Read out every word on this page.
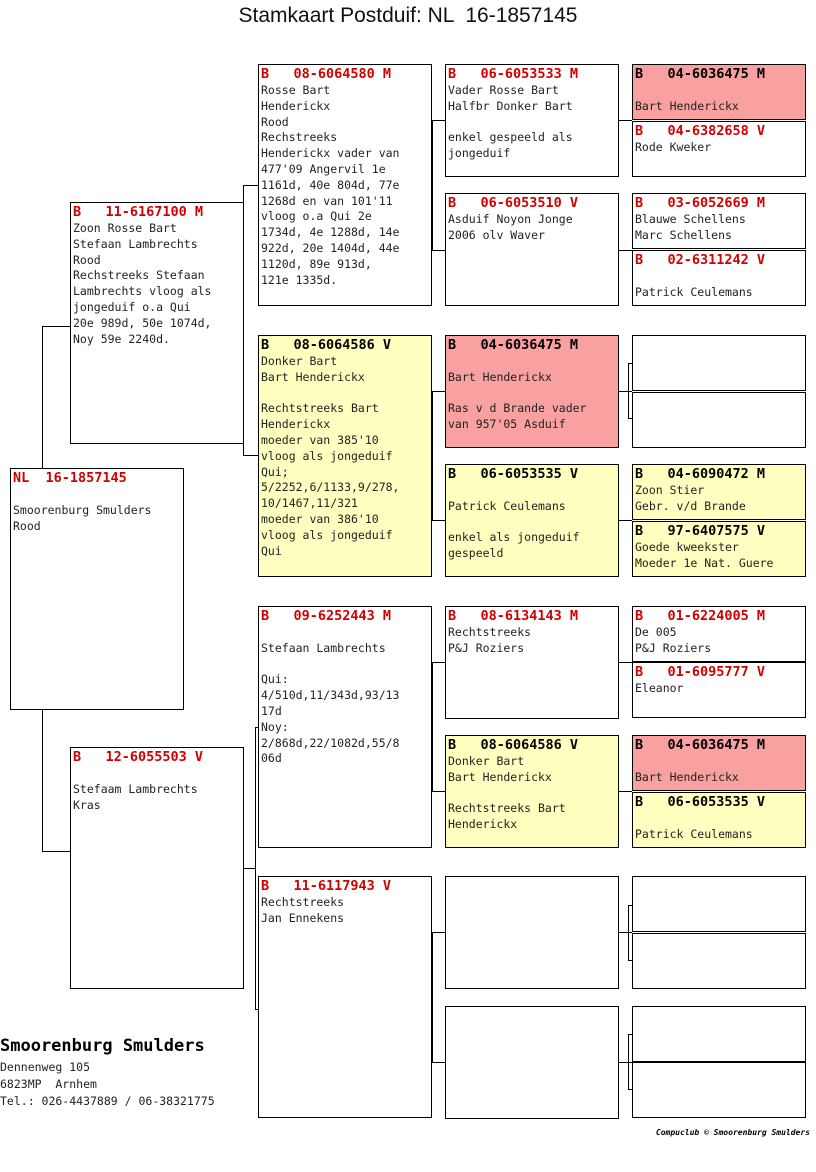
Stamkaart Postduif: NL  16-1857145
NL  16-1857145

Smoorenburg Smulders
Rood
B   11-6167100 M
Zoon Rosse Bart
Stefaan Lambrechts
Rood
Rechstreeks Stefaan
Lambrechts vloog als
jongeduif o.a Qui
20e 989d, 50e 1074d,
Noy 59e 2240d.
B   12-6055503 V

Stefaam Lambrechts
Kras
B   08-6064580 M
Rosse Bart
Henderickx
Rood
Rechstreeks
Henderickx vader van
477'09 Angervil 1e
1161d, 40e 804d, 77e
1268d en van 101'11
vloog o.a Qui 2e
1734d, 4e 1288d, 14e
922d, 20e 1404d, 44e
1120d, 89e 913d,
121e 1335d.
B   08-6064586 V
Donker Bart
Bart Henderickx

Rechtstreeks Bart
Henderickx
moeder van 385'10
vloog als jongeduif
Qui;
5/2252,6/1133,9/278,
10/1467,11/321
moeder van 386'10
vloog als jongeduif
Qui
B   09-6252443 M

Stefaan Lambrechts

Qui:
4/510d,11/343d,93/13
17d
Noy:
2/868d,22/1082d,55/8
06d
B   11-6117943 V
Rechtstreeks
Jan Ennekens
B   06-6053533 M
Vader Rosse Bart
Halfbr Donker Bart

enkel gespeeld als
jongeduif
B   06-6053510 V
Asduif Noyon Jonge
2006 olv Waver
B   04-6036475 M

Bart Henderickx

Ras v d Brande vader
van 957'05 Asduif
B   06-6053535 V

Patrick Ceulemans

enkel als jongeduif
gespeeld
B   08-6134143 M
Rechtstreeks
P&J Roziers
B   08-6064586 V
Donker Bart
Bart Henderickx

Rechtstreeks Bart
Henderickx
B   04-6036475 M

Bart Henderickx
B   04-6382658 V
Rode Kweker
B   03-6052669 M
Blauwe Schellens
Marc Schellens
B   02-6311242 V

Patrick Ceulemans
B   04-6090472 M
Zoon Stier
Gebr. v/d Brande
B   97-6407575 V
Goede kweekster
Moeder 1e Nat. Guere
B   01-6224005 M
De 005
P&J Roziers
B   01-6095777 V
Eleanor
B   04-6036475 M

Bart Henderickx
B   06-6053535 V

Patrick Ceulemans
Smoorenburg Smulders
Dennenweg 105
6823MP  Arnhem
Tel.: 026-4437889 / 06-38321775
Compuclub © Smoorenburg Smulders
